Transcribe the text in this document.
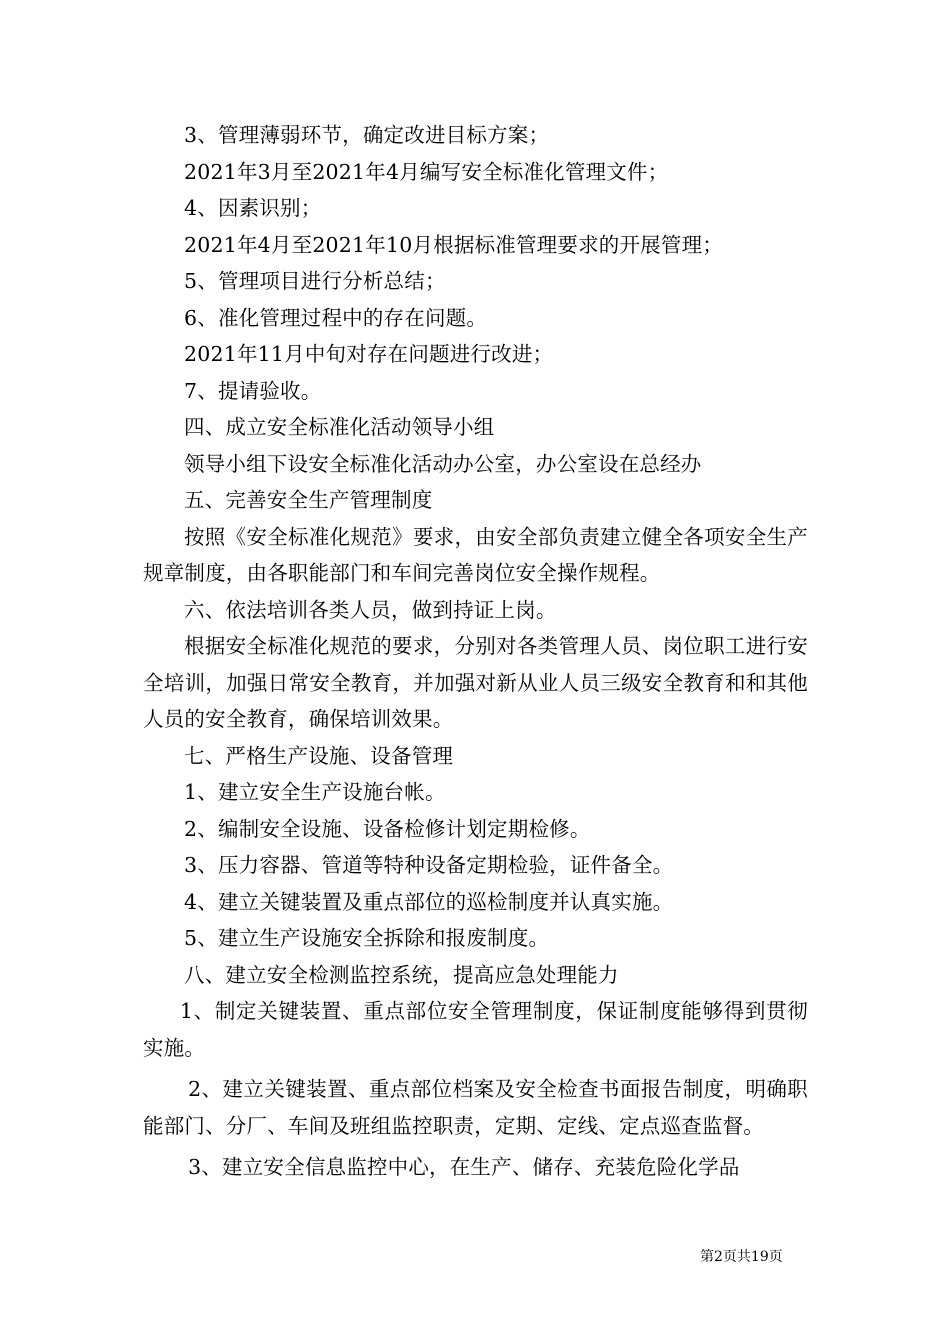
3、管理薄弱环节，确定改进目标方案；

2021年3月至2021年4月编写安全标准化管理文件；

4、因素识别；

2021年4月至2021年10月根据标准管理要求的开展管理；

5、管理项目进行分析总结；

6、准化管理过程中的存在问题。

2021年11月中旬对存在问题进行改进；

7、提请验收。

四、成立安全标准化活动领导小组

领导小组下设安全标准化活动办公室，办公室设在总经办

五、完善安全生产管理制度

按照《安全标准化规范》要求，由安全部负责建立健全各项安全生产规章制度，由各职能部门和车间完善岗位安全操作规程。

六、依法培训各类人员，做到持证上岗。

根据安全标准化规范的要求，分别对各类管理人员、岗位职工进行安全培训，加强日常安全教育，并加强对新从业人员三级安全教育和和其他人员的安全教育，确保培训效果。

七、严格生产设施、设备管理

1、建立安全生产设施台帐。

2、编制安全设施、设备检修计划定期检修。

3、压力容器、管道等特种设备定期检验，证件备全。

4、建立关键装置及重点部位的巡检制度并认真实施。

5、建立生产设施安全拆除和报废制度。

八、建立安全检测监控系统，提高应急处理能力

1、制定关键装置、重点部位安全管理制度，保证制度能够得到贯彻实施。

2、建立关键装置、重点部位档案及安全检查书面报告制度，明确职能部门、分厂、车间及班组监控职责，定期、定线、定点巡查监督。

3、建立安全信息监控中心，在生产、储存、充装危险化学品

第2页共19页
